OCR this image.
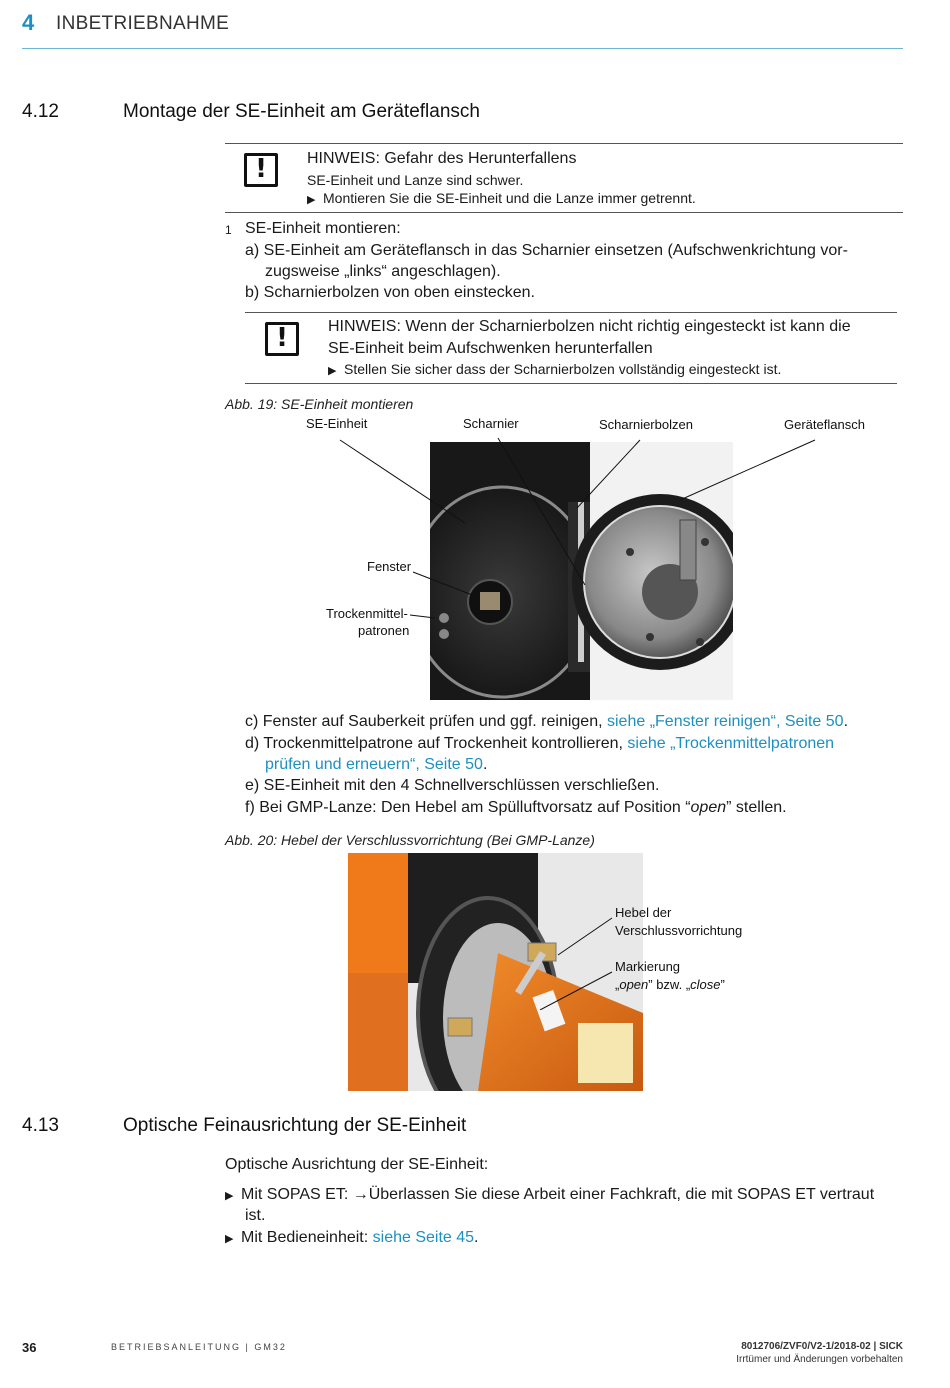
4 INBETRIEBNAHME
4.12	Montage der SE-Einheit am Geräteflansch
!	HINWEIS: Gefahr des Herunterfallens
SE-Einheit und Lanze sind schwer.
▶ Montieren Sie die SE-Einheit und die Lanze immer getrennt.
1 SE-Einheit montieren:
a) SE-Einheit am Geräteflansch in das Scharnier einsetzen (Aufschwenkrichtung vor-
zugsweise „links“ angeschlagen).
b) Scharnierbolzen von oben einstecken.
!	HINWEIS: Wenn der Scharnierbolzen nicht richtig eingesteckt ist kann die
SE-Einheit beim Aufschwenken herunterfallen
▶ Stellen Sie sicher dass der Scharnierbolzen vollständig eingesteckt ist.
Abb. 19: SE-Einheit montieren
SE-Einheit	Scharnier	Scharnierbolzen	Geräteflansch
Fenster
Trockenmittel-
patronen
c) Fenster auf Sauberkeit prüfen und ggf. reinigen, siehe „Fenster reinigen“, Seite 50.
d) Trockenmittelpatrone auf Trockenheit kontrollieren, siehe „Trockenmittelpatronen
prüfen und erneuern“, Seite 50.
e) SE-Einheit mit den 4 Schnellverschlüssen verschließen.
f) Bei GMP-Lanze: Den Hebel am Spülluftvorsatz auf Position “open” stellen.
Abb. 20: Hebel der Verschlussvorrichtung (Bei GMP-Lanze)
Hebel der
Verschlussvorrichtung
Markierung
„open” bzw. „close”
4.13	Optische Feinausrichtung der SE-Einheit
Optische Ausrichtung der SE-Einheit:
▶ Mit SOPAS ET: →Überlassen Sie diese Arbeit einer Fachkraft, die mit SOPAS ET vertraut
ist.
▶ Mit Bedieneinheit: siehe Seite 45.
36	BETRIEBSANLEITUNG | GM32	8012706/ZVF0/V2-1/2018-02 | SICK
Irrtümer und Änderungen vorbehalten
